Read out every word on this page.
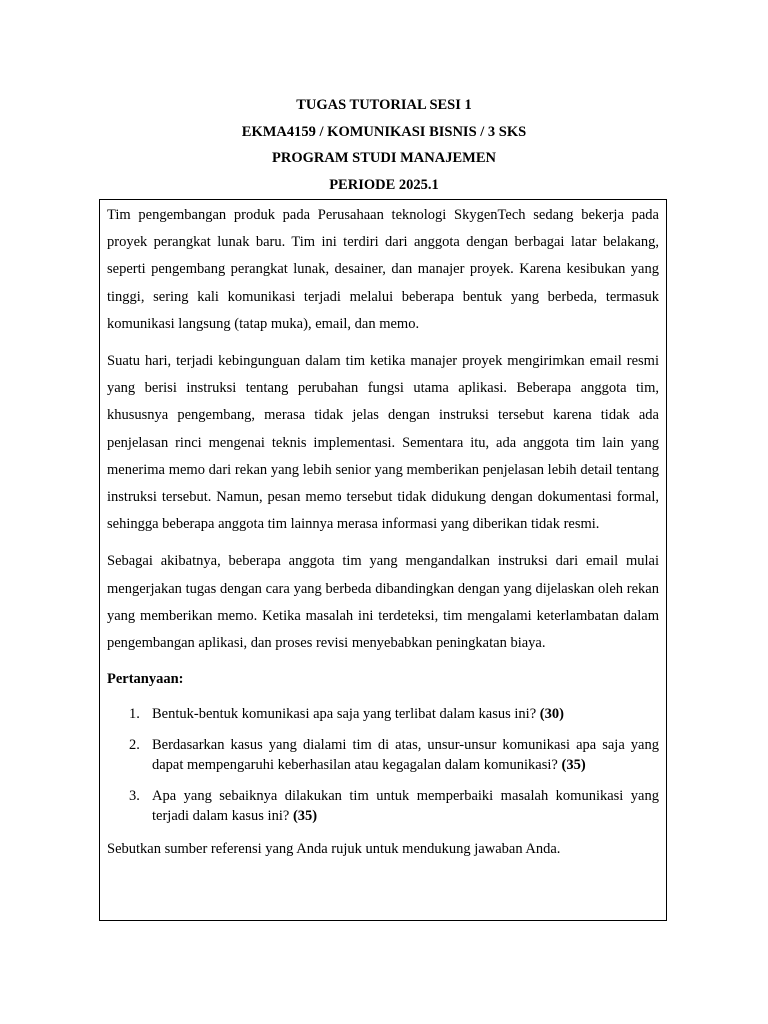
TUGAS TUTORIAL SESI 1
EKMA4159 / KOMUNIKASI BISNIS / 3 SKS
PROGRAM STUDI MANAJEMEN
PERIODE 2025.1

Tim pengembangan produk pada Perusahaan teknologi SkygenTech sedang bekerja pada proyek perangkat lunak baru. Tim ini terdiri dari anggota dengan berbagai latar belakang, seperti pengembang perangkat lunak, desainer, dan manajer proyek. Karena kesibukan yang tinggi, sering kali komunikasi terjadi melalui beberapa bentuk yang berbeda, termasuk komunikasi langsung (tatap muka), email, dan memo.

Suatu hari, terjadi kebingunguan dalam tim ketika manajer proyek mengirimkan email resmi yang berisi instruksi tentang perubahan fungsi utama aplikasi. Beberapa anggota tim, khususnya pengembang, merasa tidak jelas dengan instruksi tersebut karena tidak ada penjelasan rinci mengenai teknis implementasi. Sementara itu, ada anggota tim lain yang menerima memo dari rekan yang lebih senior yang memberikan penjelasan lebih detail tentang instruksi tersebut. Namun, pesan memo tersebut tidak didukung dengan dokumentasi formal, sehingga beberapa anggota tim lainnya merasa informasi yang diberikan tidak resmi.

Sebagai akibatnya, beberapa anggota tim yang mengandalkan instruksi dari email mulai mengerjakan tugas dengan cara yang berbeda dibandingkan dengan yang dijelaskan oleh rekan yang memberikan memo. Ketika masalah ini terdeteksi, tim mengalami keterlambatan dalam pengembangan aplikasi, dan proses revisi menyebabkan peningkatan biaya.

Pertanyaan:

1. Bentuk-bentuk komunikasi apa saja yang terlibat dalam kasus ini? (30)
2. Berdasarkan kasus yang dialami tim di atas, unsur-unsur komunikasi apa saja yang dapat mempengaruhi keberhasilan atau kegagalan dalam komunikasi? (35)
3. Apa yang sebaiknya dilakukan tim untuk memperbaiki masalah komunikasi yang terjadi dalam kasus ini? (35)

Sebutkan sumber referensi yang Anda rujuk untuk mendukung jawaban Anda.
